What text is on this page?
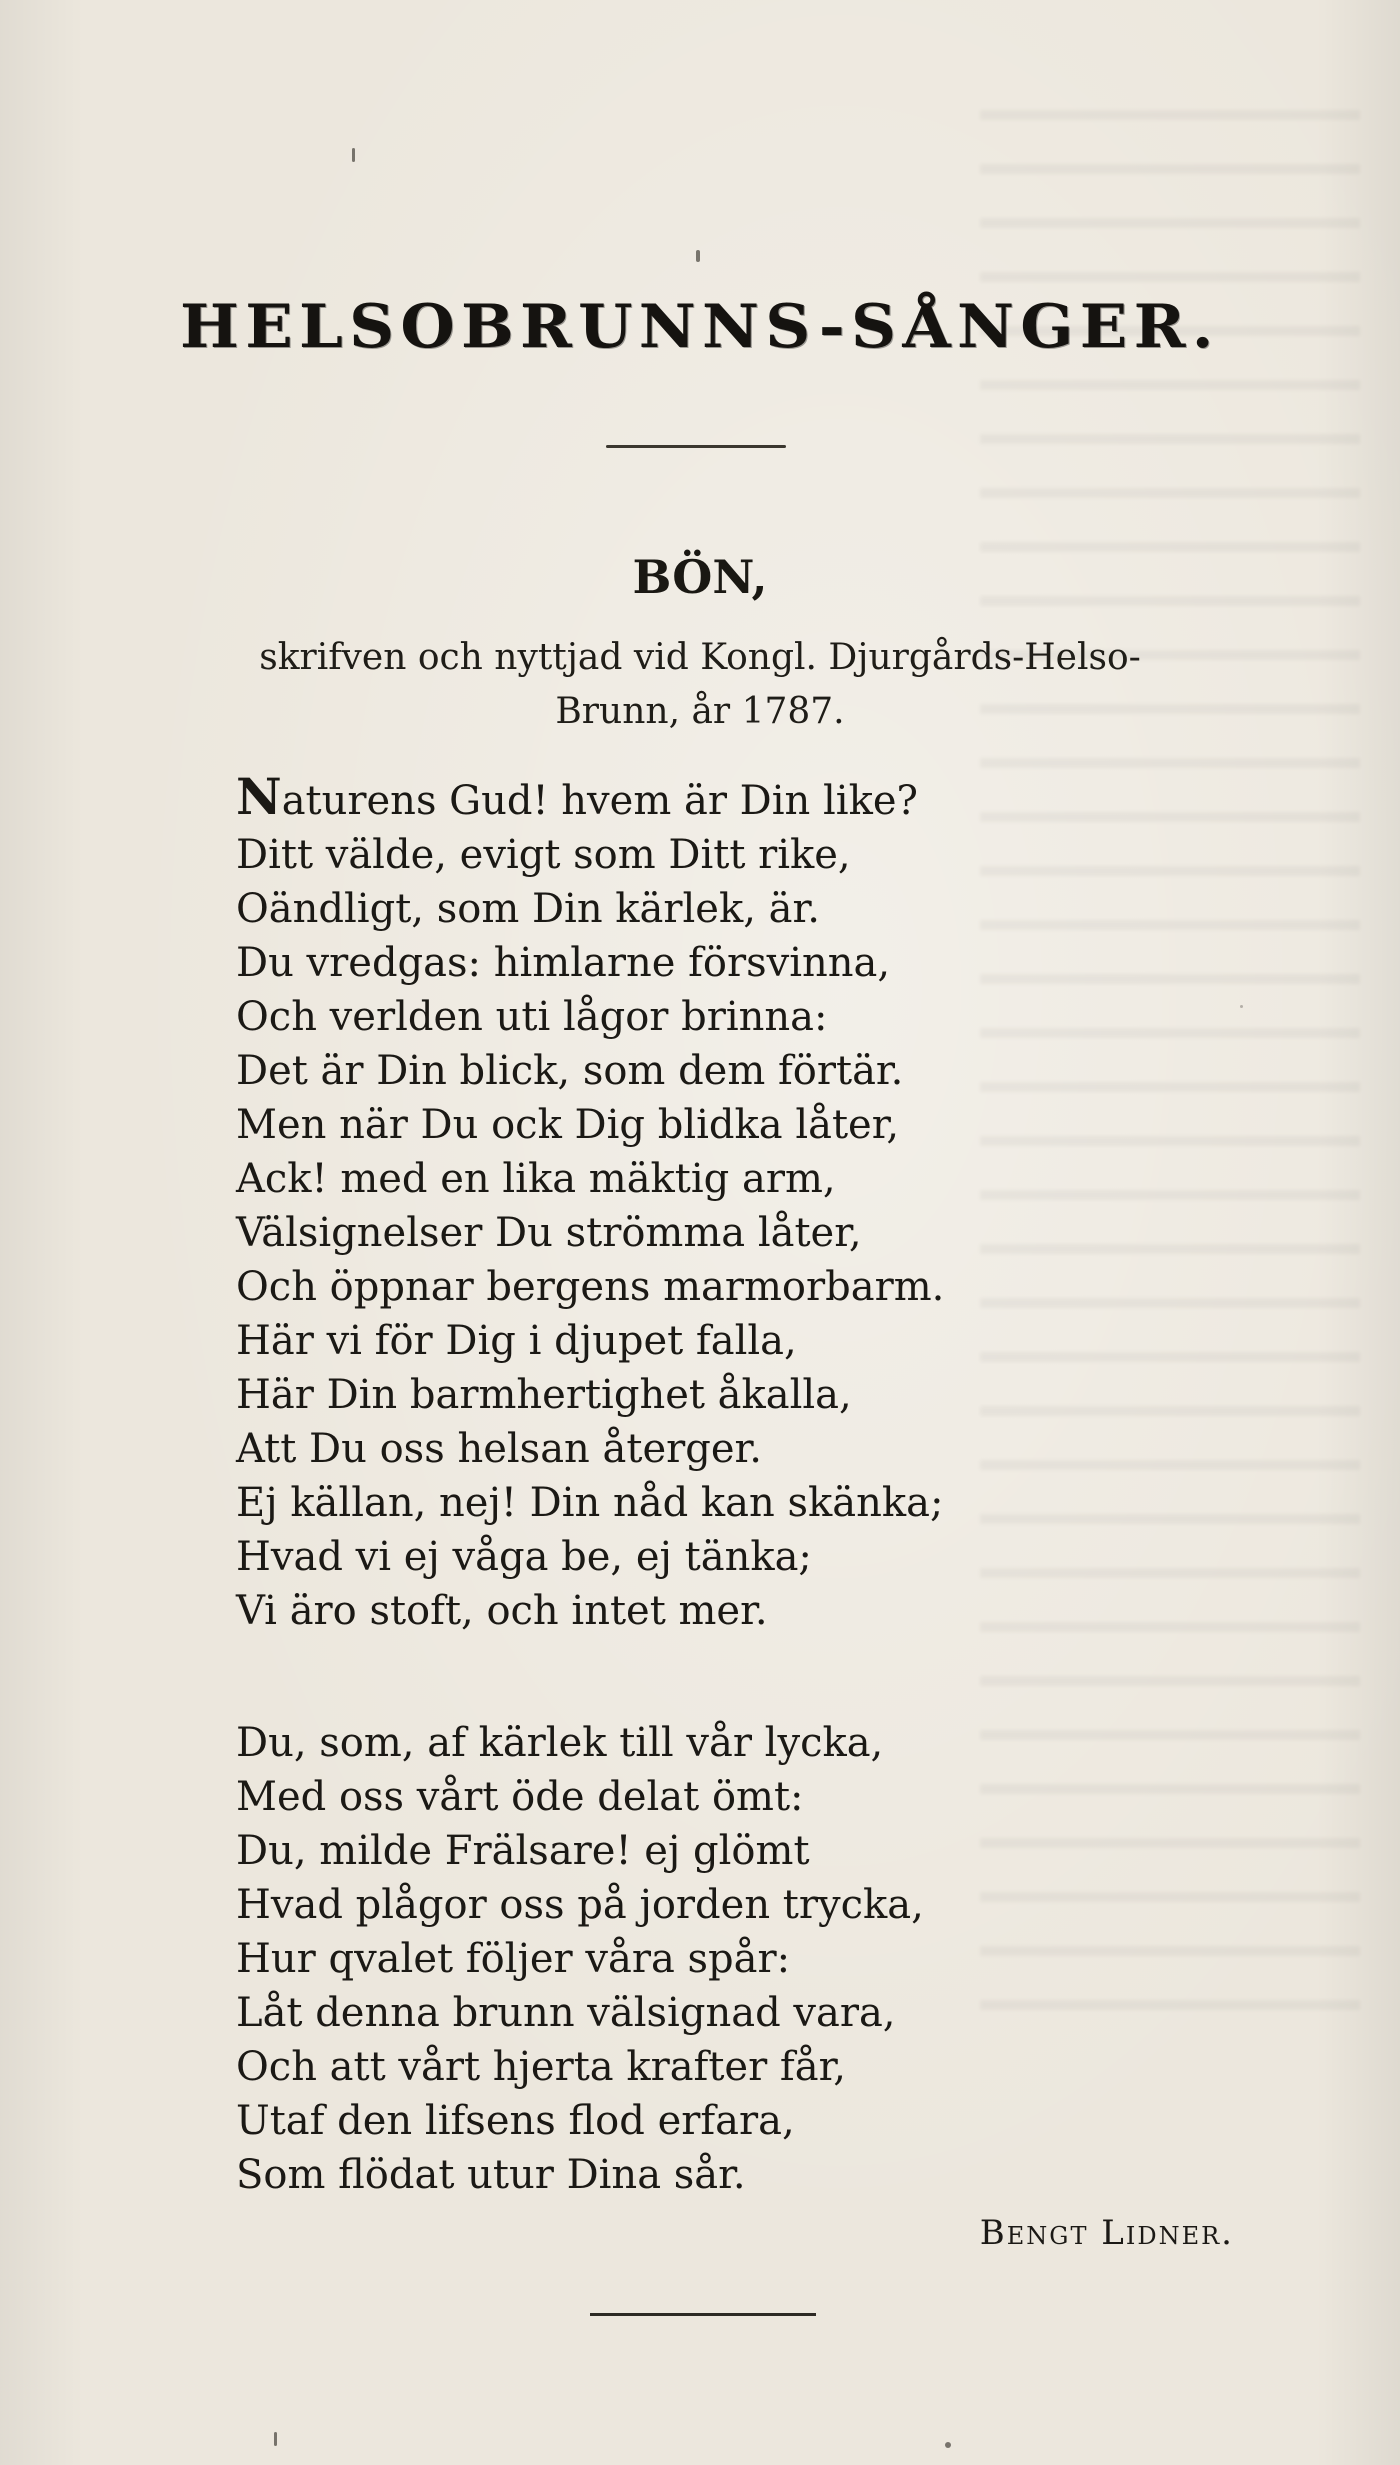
HELSOBRUNNS-SÅNGER.
BÖN,
skrifven och nyttjad vid Kongl. Djurgårds-Helso-
Brunn, år 1787.
Naturens Gud! hvem är Din like?
Ditt välde, evigt som Ditt rike,
Oändligt, som Din kärlek, är.
Du vredgas: himlarne försvinna,
Och verlden uti lågor brinna:
Det är Din blick, som dem förtär.
Men när Du ock Dig blidka låter,
Ack! med en lika mäktig arm,
Välsignelser Du strömma låter,
Och öppnar bergens marmorbarm.
Här vi för Dig i djupet falla,
Här Din barmhertighet åkalla,
Att Du oss helsan återger.
Ej källan, nej! Din nåd kan skänka;
Hvad vi ej våga be, ej tänka;
Vi äro stoft, och intet mer.
Du, som, af kärlek till vår lycka,
Med oss vårt öde delat ömt:
Du, milde Frälsare! ej glömt
Hvad plågor oss på jorden trycka,
Hur qvalet följer våra spår:
Låt denna brunn välsignad vara,
Och att vårt hjerta krafter får,
Utaf den lifsens flod erfara,
Som flödat utur Dina sår.
Bengt Lidner.
